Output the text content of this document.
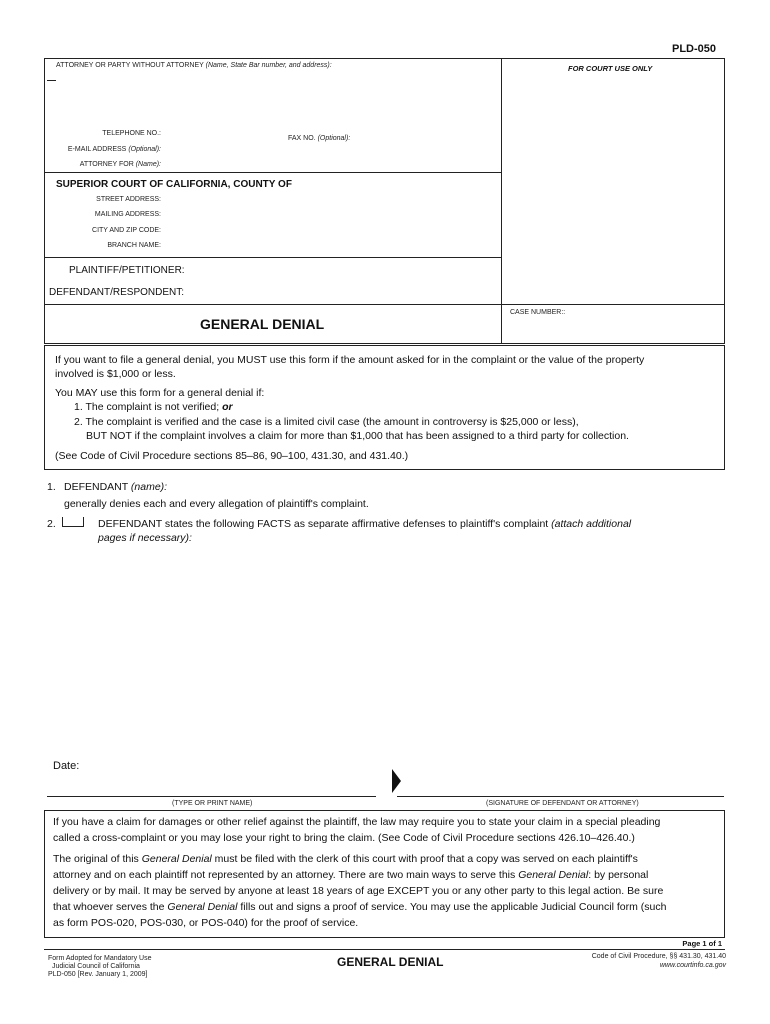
PLD-050
ATTORNEY OR PARTY WITHOUT ATTORNEY (Name, State Bar number, and address):
TELEPHONE NO.:
FAX NO. (Optional):
E-MAIL ADDRESS (Optional):
ATTORNEY FOR (Name):
SUPERIOR COURT OF CALIFORNIA, COUNTY OF
STREET ADDRESS:
MAILING ADDRESS:
CITY AND ZIP CODE:
BRANCH NAME:
PLAINTIFF/PETITIONER:
DEFENDANT/RESPONDENT:
GENERAL DENIAL
CASE NUMBER::
If you want to file a general denial, you MUST use this form if the amount asked for in the complaint or the value of the property
involved is $1,000 or less.
You MAY use this form for a general denial if:
1. The complaint is not verified; or
2. The complaint is verified and the case is a limited civil case (the amount in controversy is $25,000 or less),
BUT NOT if the complaint involves a claim for more than $1,000 that has been assigned to a third party for collection.
(See Code of Civil Procedure sections 85–86, 90–100, 431.30, and 431.40.)
1. DEFENDANT (name):
generally denies each and every allegation of plaintiff's complaint.
2.	DEFENDANT states the following FACTS as separate affirmative defenses to plaintiff's complaint (attach additional
pages if necessary):
Date:
(TYPE OR PRINT NAME)	(SIGNATURE OF DEFENDANT OR ATTORNEY)
If you have a claim for damages or other relief against the plaintiff, the law may require you to state your claim in a special pleading
called a cross-complaint or you may lose your right to bring the claim. (See Code of Civil Procedure sections 426.10–426.40.)
The original of this General Denial must be filed with the clerk of this court with proof that a copy was served on each plaintiff's
attorney and on each plaintiff not represented by an attorney. There are two main ways to serve this General Denial: by personal
delivery or by mail. It may be served by anyone at least 18 years of age EXCEPT you or any other party to this legal action. Be sure
that whoever serves the General Denial fills out and signs a proof of service. You may use the applicable Judicial Council form (such
as form POS-020, POS-030, or POS-040) for the proof of service.
Page 1 of 1
Form Adopted for Mandatory Use
Judicial Council of California
PLD-050 [Rev. January 1, 2009]
GENERAL DENIAL	Code of Civil Procedure, §§ 431.30, 431.40
www.courtinfo.ca.gov
FOR COURT USE ONLY
